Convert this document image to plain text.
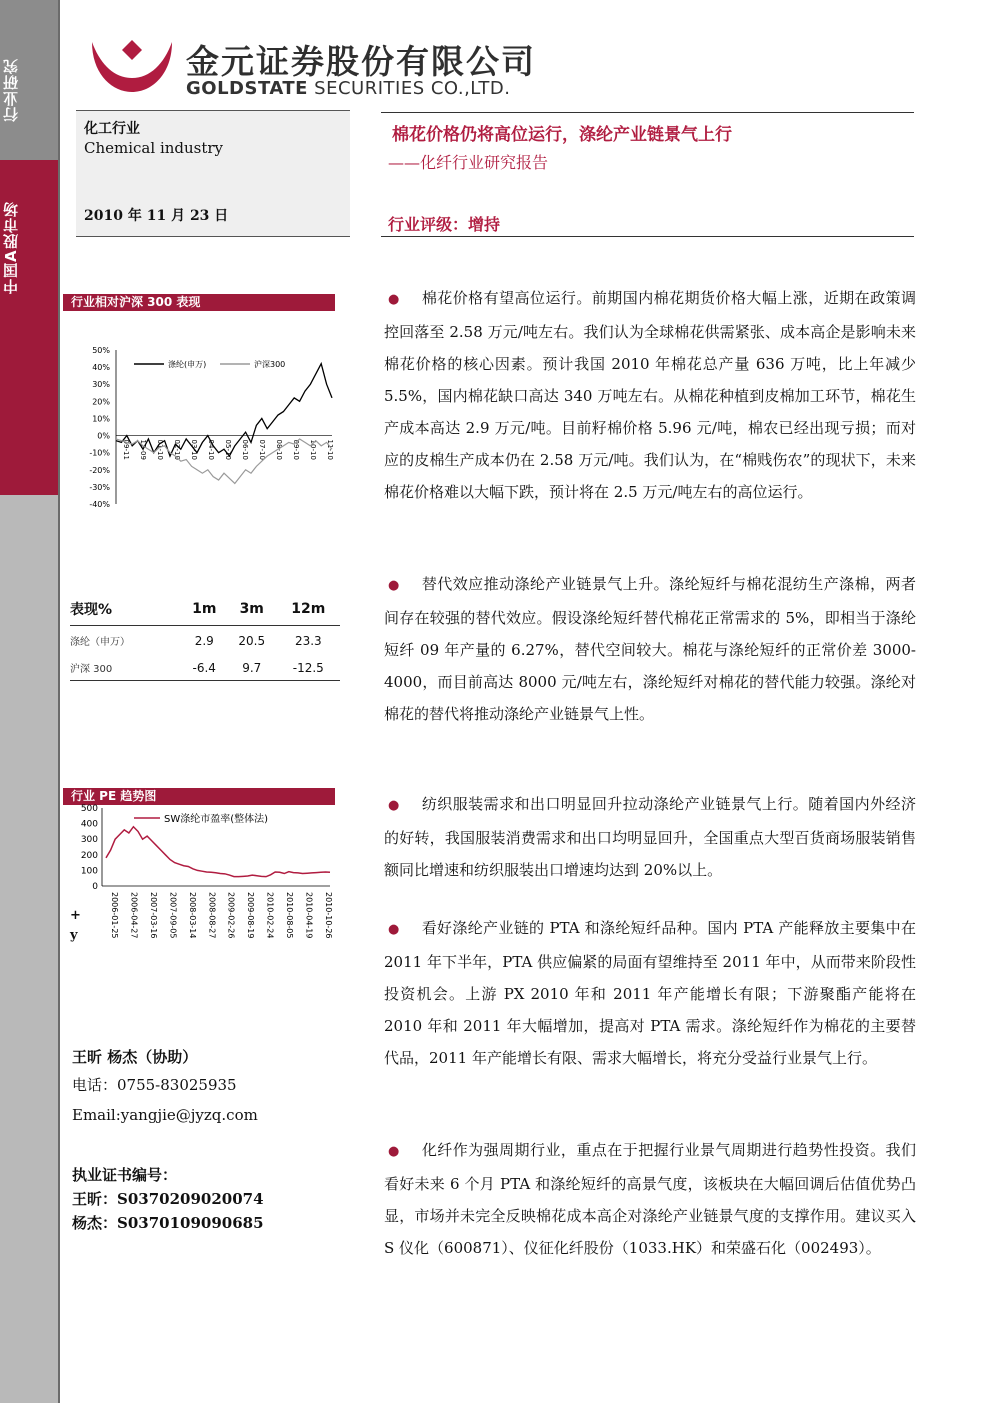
行业研究
中国A股市场
金元证券股份有限公司
GOLDSTATE SECURITIES CO.,LTD.
化工行业
Chemical industry
2010 年 11 月 23 日
棉花价格仍将高位运行，涤纶产业链景气上行
——化纤行业研究报告
行业评级：增持
行业相对沪深 300 表现
50%
40%
30%
20%
10%
0%
-10%
-20%
-30%
-40%
09-11 12-09 01-10 02-10 03-10 04-10 05-10 06-10 07-10 08-10 09-10 10-10 11-10
涤纶(申万)	沪深300
表现%	1m	3m	12m
涤纶（申万）	2.9	20.5	23.3
沪深 300	-6.4	9.7	-12.5
行业 PE 趋势图
500
400
300
200
100
0
2006-01-25 2006-04-27 2007-03-16 2007-09-05 2008-03-14 2008-08-27 2009-02-26 2009-08-19 2010-02-24 2010-08-05 2010-04-19 2010-10-26
SW涤纶市盈率(整体法)
+
y
王昕 杨杰（协助）
电话：0755-83025935
Email:yangjie@jyzq.com
执业证书编号：
王昕：S0370209020074
杨杰：S0370109090685
● 棉花价格有望高位运行。前期国内棉花期货价格大幅上涨，近期在政策调控回落至 2.58 万元/吨左右。我们认为全球棉花供需紧张、成本高企是影响未来棉花价格的核心因素。预计我国 2010 年棉花总产量 636 万吨，比上年减少 5.5%，国内棉花缺口高达 340 万吨左右。从棉花种植到皮棉加工环节，棉花生产成本高达 2.9 万元/吨。目前籽棉价格 5.96 元/吨，棉农已经出现亏损；而对应的皮棉生产成本仍在 2.58 万元/吨。我们认为，在“棉贱伤农”的现状下，未来棉花价格难以大幅下跌，预计将在 2.5 万元/吨左右的高位运行。
● 替代效应推动涤纶产业链景气上升。涤纶短纤与棉花混纺生产涤棉，两者间存在较强的替代效应。假设涤纶短纤替代棉花正常需求的 5%，即相当于涤纶短纤 09 年产量的 6.27%，替代空间较大。棉花与涤纶短纤的正常价差 3000-4000，而目前高达 8000 元/吨左右，涤纶短纤对棉花的替代能力较强。涤纶对棉花的替代将推动涤纶产业链景气上性。
● 纺织服装需求和出口明显回升拉动涤纶产业链景气上行。随着国内外经济的好转，我国服装消费需求和出口均明显回升，全国重点大型百货商场服装销售额同比增速和纺织服装出口增速均达到 20%以上。
● 看好涤纶产业链的 PTA 和涤纶短纤品种。国内 PTA 产能释放主要集中在 2011 年下半年，PTA 供应偏紧的局面有望维持至 2011 年中，从而带来阶段性投资机会。上游 PX 2010 年和 2011 年产能增长有限；下游聚酯产能将在 2010 年和 2011 年大幅增加，提高对 PTA 需求。涤纶短纤作为棉花的主要替代品，2011 年产能增长有限、需求大幅增长，将充分受益行业景气上行。
● 化纤作为强周期行业，重点在于把握行业景气周期进行趋势性投资。我们看好未来 6 个月 PTA 和涤纶短纤的高景气度，该板块在大幅回调后估值优势凸显，市场并未完全反映棉花成本高企对涤纶产业链景气度的支撑作用。建议买入 S 仪化（600871）、仪征化纤股份（1033.HK）和荣盛石化（002493）。
